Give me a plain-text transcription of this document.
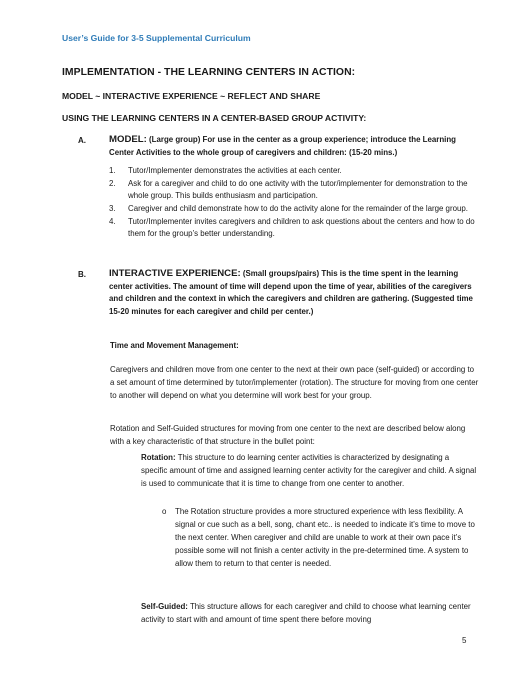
User’s Guide for 3-5 Supplemental Curriculum
IMPLEMENTATION - THE LEARNING CENTERS IN ACTION:
MODEL ~ INTERACTIVE EXPERIENCE ~ REFLECT AND SHARE
USING THE LEARNING CENTERS IN A CENTER-BASED GROUP ACTIVITY:
A. MODEL: (Large group) For use in the center as a group experience; introduce the Learning Center Activities to the whole group of caregivers and children: (15-20 mins.)
1. Tutor/Implementer demonstrates the activities at each center.
2. Ask for a caregiver and child to do one activity with the tutor/implementer for demonstration to the whole group. This builds enthusiasm and participation.
3. Caregiver and child demonstrate how to do the activity alone for the remainder of the large group.
4. Tutor/Implementer invites caregivers and children to ask questions about the centers and how to do them for the group’s better understanding.
B. INTERACTIVE EXPERIENCE: (Small groups/pairs) This is the time spent in the learning center activities. The amount of time will depend upon the time of year, abilities of the caregivers and children and the context in which the caregivers and children are gathering. (Suggested time 15-20 minutes for each caregiver and child per center.)
Time and Movement Management:
Caregivers and children move from one center to the next at their own pace (self-guided) or according to a set amount of time determined by tutor/implementer (rotation). The structure for moving from one center to another will depend on what you determine will work best for your group.
Rotation and Self-Guided structures for moving from one center to the next are described below along with a key characteristic of that structure in the bullet point:
Rotation: This structure to do learning center activities is characterized by designating a specific amount of time and assigned learning center activity for the caregiver and child. A signal is used to communicate that it is time to change from one center to another.
o The Rotation structure provides a more structured experience with less flexibility. A signal or cue such as a bell, song, chant etc.. is needed to indicate it’s time to move to the next center. When caregiver and child are unable to work at their own pace it’s possible some will not finish a center activity in the pre-determined time. A system to allow them to return to that center is needed.
Self-Guided: This structure allows for each caregiver and child to choose what learning center activity to start with and amount of time spent there before moving
5
